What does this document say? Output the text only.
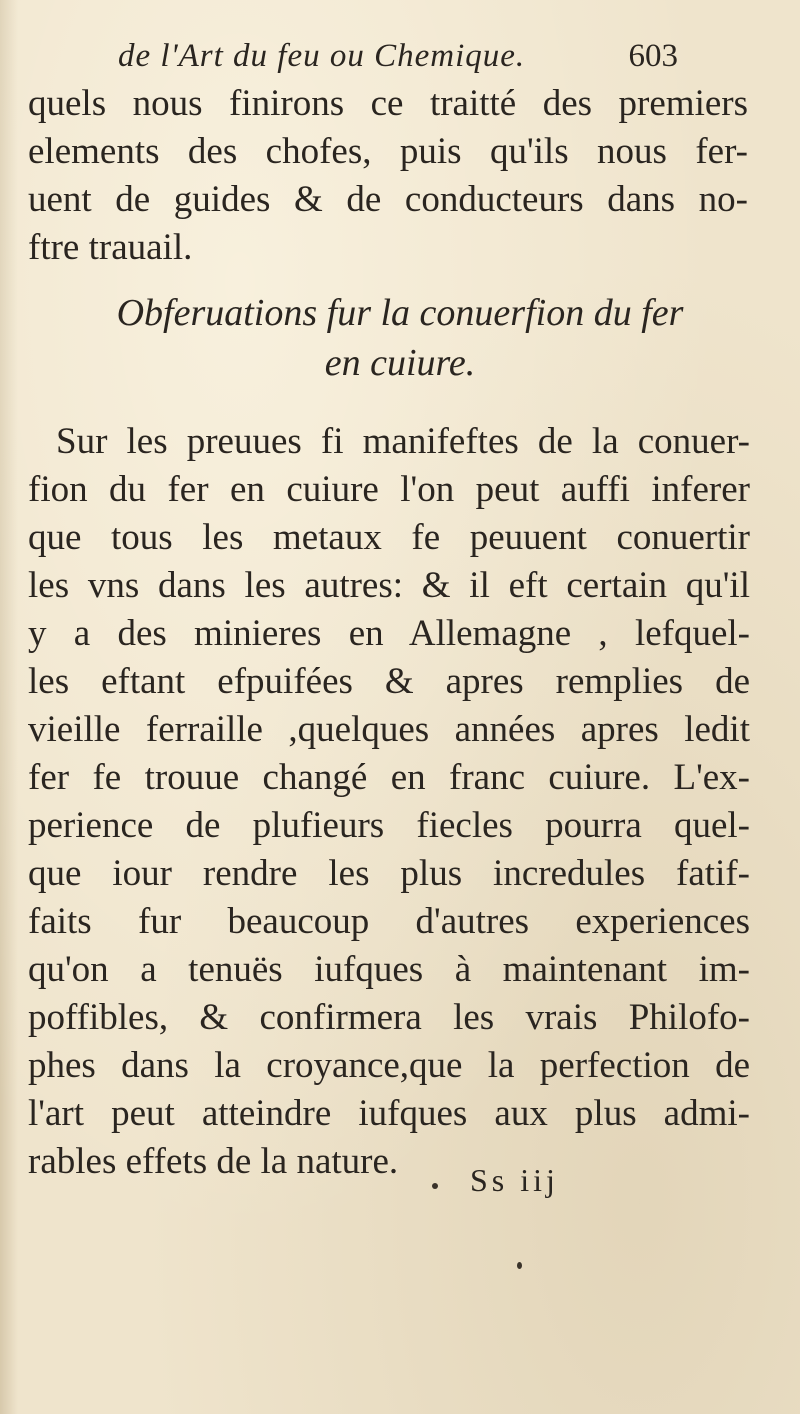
de l'Art du feu ou Chemique.	603
quels nous finirons ce traitté des premiers
elements des chofes, puis qu'ils nous fer-
uent de guides & de conducteurs dans no-
ftre trauail.
Obferuations fur la conuerfion du fer
en cuiure.
Sur les preuues fi manifeftes de la conuer-
fion du fer en cuiure l'on peut auffi inferer
que tous les metaux fe peuuent conuertir
les vns dans les autres: & il eft certain qu'il
y a des minieres en Allemagne , lefquel-
les eftant efpuifées & apres remplies de
vieille ferraille ,quelques années apres ledit
fer fe trouue changé en franc cuiure. L'ex-
perience de plufieurs fiecles pourra quel-
que iour rendre les plus incredules fatif-
faits fur beaucoup d'autres experiences
qu'on a tenuës iufques à maintenant im-
poffibles, & confirmera les vrais Philofo-
phes dans la croyance,que la perfection de
l'art peut atteindre iufques aux plus admi-
rables effets de la nature.	Ss iij
